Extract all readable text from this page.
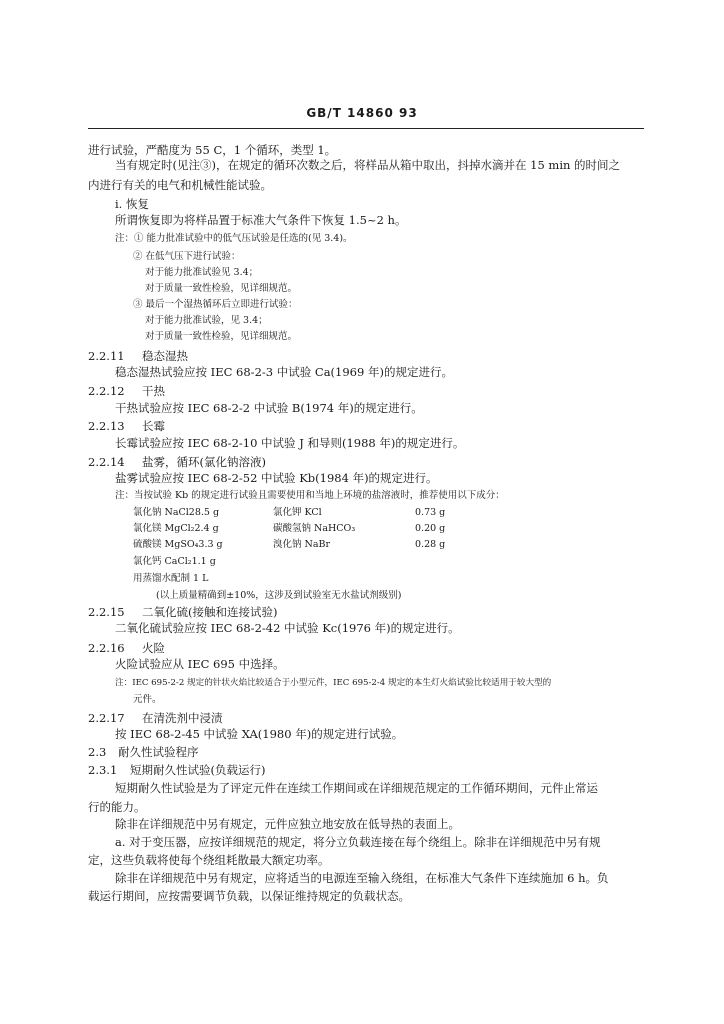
GB/T 14860 93
进行试验，严酷度为 55 C，1 个循环，类型 1。
当有规定时(见注③)，在规定的循环次数之后，将样品从箱中取出，抖掉水滴并在 15 min 的时间之
内进行有关的电气和机械性能试验。
i. 恢复
所谓恢复即为将样品置于标准大气条件下恢复 1.5~2 h。
注：① 能力批准试验中的低气压试验是任选的(见 3.4)。
② 在低气压下进行试验：
对于能力批准试验见 3.4；
对于质量一致性检验，见详细规范。
③ 最后一个湿热循环后立即进行试验：
对于能力批准试验，见 3.4；
对于质量一致性检验，见详细规范。
2.2.11 稳态湿热
稳态湿热试验应按 IEC 68-2-3 中试验 Ca(1969 年)的规定进行。
2.2.12 干热
干热试验应按 IEC 68-2-2 中试验 B(1974 年)的规定进行。
2.2.13 长霉
长霉试验应按 IEC 68-2-10 中试验 J 和导则(1988 年)的规定进行。
2.2.14 盐雾，循环(氯化钠溶液)
盐雾试验应按 IEC 68-2-52 中试验 Kb(1984 年)的规定进行。
注：当按试验 Kb 的规定进行试验且需要使用和当地上环境的盐溶液时，推荐使用以下成分：
氯化钠 NaCl28.5 g	氯化钾 KCl	0.73 g
氯化镁 MgCl₂2.4 g	碳酸氢钠 NaHCO₃	0.20 g
硫酸镁 MgSO₄3.3 g	溴化钠 NaBr	0.28 g
氯化钙 CaCl₂1.1 g
用蒸馏水配制 1 L
(以上质量精确到±10%，这涉及到试验室无水盐试剂级别)
2.2.15 二氧化硫(接触和连接试验)
二氧化硫试验应按 IEC 68-2-42 中试验 Kc(1976 年)的规定进行。
2.2.16 火险
火险试验应从 IEC 695 中选择。
注：IEC 695-2-2 规定的针状火焰比较适合于小型元件，IEC 695-2-4 规定的本生灯火焰试验比较适用于较大型的
元件。
2.2.17 在清洗剂中浸渍
按 IEC 68-2-45 中试验 XA(1980 年)的规定进行试验。
2.3 耐久性试验程序
2.3.1 短期耐久性试验(负载运行)
短期耐久性试验是为了评定元件在连续工作期间或在详细规范规定的工作循环期间，元件止常运
行的能力。
除非在详细规范中另有规定，元件应独立地安放在低导热的表面上。
a. 对于变压器，应按详细规范的规定，将分立负载连接在每个绕组上。除非在详细规范中另有规
定，这些负载将使每个绕组耗散最大额定功率。
除非在详细规范中另有规定，应将适当的电源连至输入绕组，在标准大气条件下连续施加 6 h。负
载运行期间，应按需要调节负载，以保证维持规定的负载状态。
